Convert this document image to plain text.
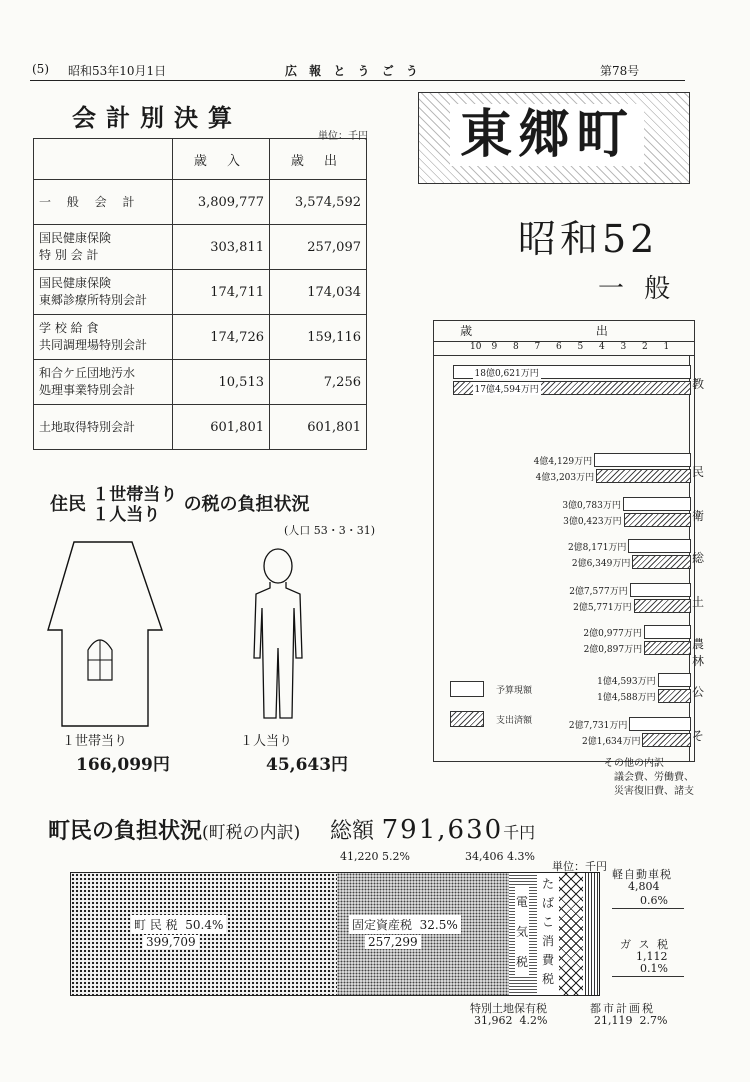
(5) 昭和53年10月1日	広 報 と う ご う	第78号
会計別決算
単位：千円
	歳 入	歳 出
一 般 会 計	3,809,777	3,574,592

国民健康保険
特 別 会 計	303,811	257,097

国民健康保険
東郷診療所特別会計	174,711	174,034

学 校 給 食
共同調理場特別会計	174,726	159,116

和合ケ丘団地汚水
処理事業特別会計	10,513	7,256
土地取得特別会計	601,801	601,801
東郷町
昭和52
一 般
歳 出
10 9 8 7 6 5 4 3 2 1
18億0,621万円
17億4,594万円	教
4億4,129万円
4億3,203万円	民
3億0,783万円
3億0,423万円	衛
2億8,171万円
2億6,349万円	総
2億7,577万円
2億5,771万円	土
2億0,977万円
2億0,897万円	農林
1億4,593万円
1億4,588万円	公
2億7,731万円
2億1,634万円	そ
予算現額
支出済額
その他の内訳
議会費、労働費、
災害復旧費、諸支
住民 １世帯当り
１人当り	の税の負担状況
(人口 53・3・31)
１世帯当り
166,099円
１人当り
45,643円
町民の負担状況(町税の内訳) 総額 791,630千円
41,220 5.2%	34,406 4.3%
単位：千円
町 民 税 50.4%
399,709
固定資産税 32.5%
257,299
電 気 税
たばこ消費税
軽自動車税
4,804
0.6%
ガ ス 税
1,112
0.1%
特別土地保有税
31,962 4.2%
都市計画税
21,119 2.7%
